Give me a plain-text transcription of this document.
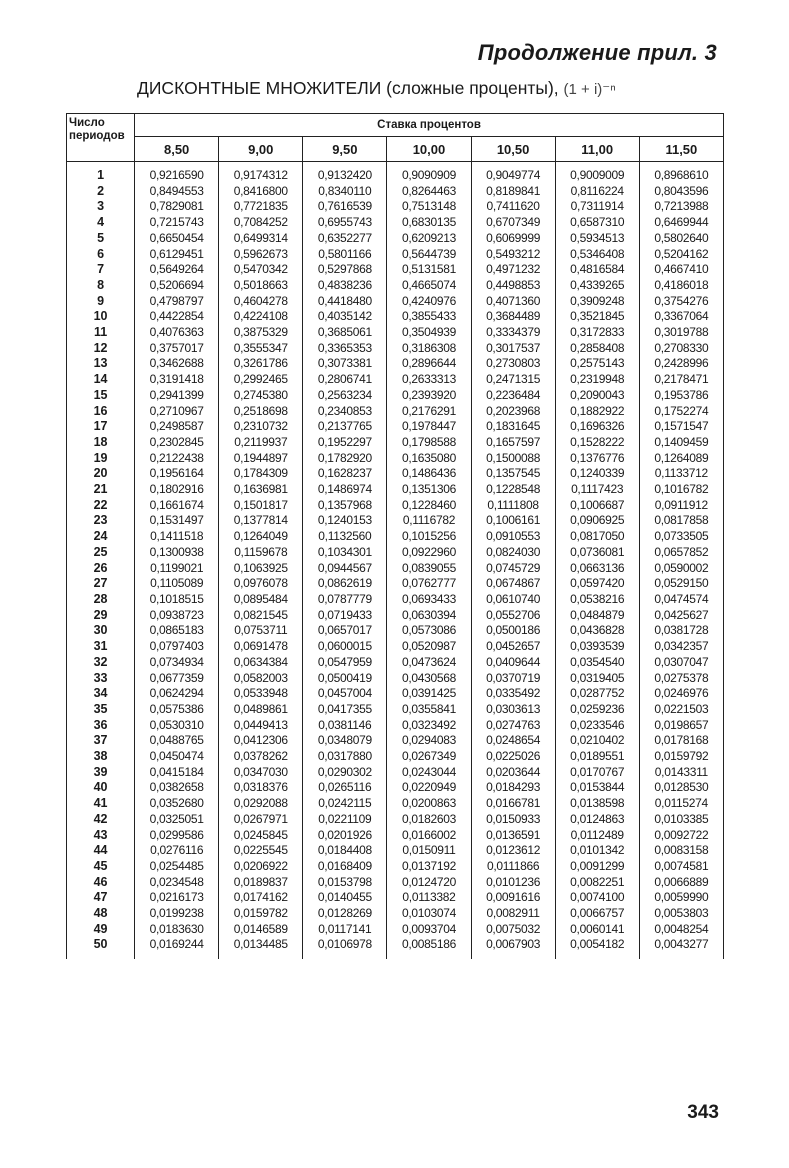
Продолжение прил. 3
ДИСКОНТНЫЕ МНОЖИТЕЛИ (сложные проценты), (1 + i)⁻ⁿ
Число периодов	Ставка процентов						
	8,50	9,00	9,50	10,00	10,50	11,00	11,50
1	0,9216590	0,9174312	0,9132420	0,9090909	0,9049774	0,9009009	0,8968610
2	0,8494553	0,8416800	0,8340110	0,8264463	0,8189841	0,8116224	0,8043596
3	0,7829081	0,7721835	0,7616539	0,7513148	0,7411620	0,7311914	0,7213988
4	0,7215743	0,7084252	0,6955743	0,6830135	0,6707349	0,6587310	0,6469944
5	0,6650454	0,6499314	0,6352277	0,6209213	0,6069999	0,5934513	0,5802640
6	0,6129451	0,5962673	0,5801166	0,5644739	0,5493212	0,5346408	0,5204162
7	0,5649264	0,5470342	0,5297868	0,5131581	0,4971232	0,4816584	0,4667410
8	0,5206694	0,5018663	0,4838236	0,4665074	0,4498853	0,4339265	0,4186018
9	0,4798797	0,4604278	0,4418480	0,4240976	0,4071360	0,3909248	0,3754276
10	0,4422854	0,4224108	0,4035142	0,3855433	0,3684489	0,3521845	0,3367064
11	0,4076363	0,3875329	0,3685061	0,3504939	0,3334379	0,3172833	0,3019788
12	0,3757017	0,3555347	0,3365353	0,3186308	0,3017537	0,2858408	0,2708330
13	0,3462688	0,3261786	0,3073381	0,2896644	0,2730803	0,2575143	0,2428996
14	0,3191418	0,2992465	0,2806741	0,2633313	0,2471315	0,2319948	0,2178471
15	0,2941399	0,2745380	0,2563234	0,2393920	0,2236484	0,2090043	0,1953786
16	0,2710967	0,2518698	0,2340853	0,2176291	0,2023968	0,1882922	0,1752274
17	0,2498587	0,2310732	0,2137765	0,1978447	0,1831645	0,1696326	0,1571547
18	0,2302845	0,2119937	0,1952297	0,1798588	0,1657597	0,1528222	0,1409459
19	0,2122438	0,1944897	0,1782920	0,1635080	0,1500088	0,1376776	0,1264089
20	0,1956164	0,1784309	0,1628237	0,1486436	0,1357545	0,1240339	0,1133712
21	0,1802916	0,1636981	0,1486974	0,1351306	0,1228548	0,1117423	0,1016782
22	0,1661674	0,1501817	0,1357968	0,1228460	0,1111808	0,1006687	0,0911912
23	0,1531497	0,1377814	0,1240153	0,1116782	0,1006161	0,0906925	0,0817858
24	0,1411518	0,1264049	0,1132560	0,1015256	0,0910553	0,0817050	0,0733505
25	0,1300938	0,1159678	0,1034301	0,0922960	0,0824030	0,0736081	0,0657852
26	0,1199021	0,1063925	0,0944567	0,0839055	0,0745729	0,0663136	0,0590002
27	0,1105089	0,0976078	0,0862619	0,0762777	0,0674867	0,0597420	0,0529150
28	0,1018515	0,0895484	0,0787779	0,0693433	0,0610740	0,0538216	0,0474574
29	0,0938723	0,0821545	0,0719433	0,0630394	0,0552706	0,0484879	0,0425627
30	0,0865183	0,0753711	0,0657017	0,0573086	0,0500186	0,0436828	0,0381728
31	0,0797403	0,0691478	0,0600015	0,0520987	0,0452657	0,0393539	0,0342357
32	0,0734934	0,0634384	0,0547959	0,0473624	0,0409644	0,0354540	0,0307047
33	0,0677359	0,0582003	0,0500419	0,0430568	0,0370719	0,0319405	0,0275378
34	0,0624294	0,0533948	0,0457004	0,0391425	0,0335492	0,0287752	0,0246976
35	0,0575386	0,0489861	0,0417355	0,0355841	0,0303613	0,0259236	0,0221503
36	0,0530310	0,0449413	0,0381146	0,0323492	0,0274763	0,0233546	0,0198657
37	0,0488765	0,0412306	0,0348079	0,0294083	0,0248654	0,0210402	0,0178168
38	0,0450474	0,0378262	0,0317880	0,0267349	0,0225026	0,0189551	0,0159792
39	0,0415184	0,0347030	0,0290302	0,0243044	0,0203644	0,0170767	0,0143311
40	0,0382658	0,0318376	0,0265116	0,0220949	0,0184293	0,0153844	0,0128530
41	0,0352680	0,0292088	0,0242115	0,0200863	0,0166781	0,0138598	0,0115274
42	0,0325051	0,0267971	0,0221109	0,0182603	0,0150933	0,0124863	0,0103385
43	0,0299586	0,0245845	0,0201926	0,0166002	0,0136591	0,0112489	0,0092722
44	0,0276116	0,0225545	0,0184408	0,0150911	0,0123612	0,0101342	0,0083158
45	0,0254485	0,0206922	0,0168409	0,0137192	0,0111866	0,0091299	0,0074581
46	0,0234548	0,0189837	0,0153798	0,0124720	0,0101236	0,0082251	0,0066889
47	0,0216173	0,0174162	0,0140455	0,0113382	0,0091616	0,0074100	0,0059990
48	0,0199238	0,0159782	0,0128269	0,0103074	0,0082911	0,0066757	0,0053803
49	0,0183630	0,0146589	0,0117141	0,0093704	0,0075032	0,0060141	0,0048254
50	0,0169244	0,0134485	0,0106978	0,0085186	0,0067903	0,0054182	0,0043277
343
